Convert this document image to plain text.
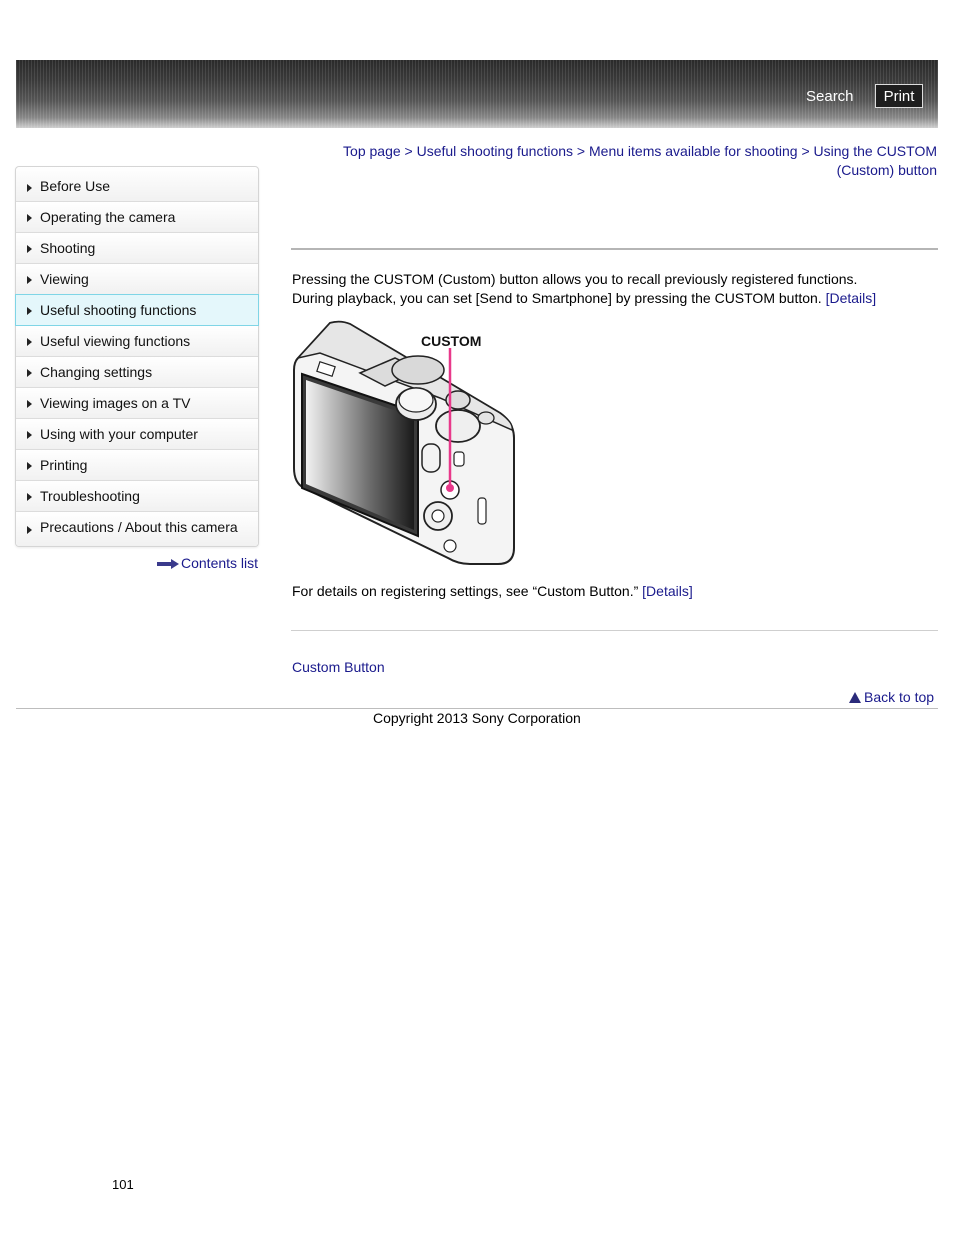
Search	Print
Top page > Useful shooting functions > Menu items available for shooting > Using the CUSTOM (Custom) button
Before Use
Operating the camera
Shooting
Viewing
Useful shooting functions
Useful viewing functions
Changing settings
Viewing images on a TV
Using with your computer
Printing
Troubleshooting
Precautions / About this camera
Contents list
Pressing the CUSTOM (Custom) button allows you to recall previously registered functions.
During playback, you can set [Send to Smartphone] by pressing the CUSTOM button. [Details]
CUSTOM
For details on registering settings, see “Custom Button.” [Details]
Custom Button
Back to top
Copyright 2013 Sony Corporation
101
